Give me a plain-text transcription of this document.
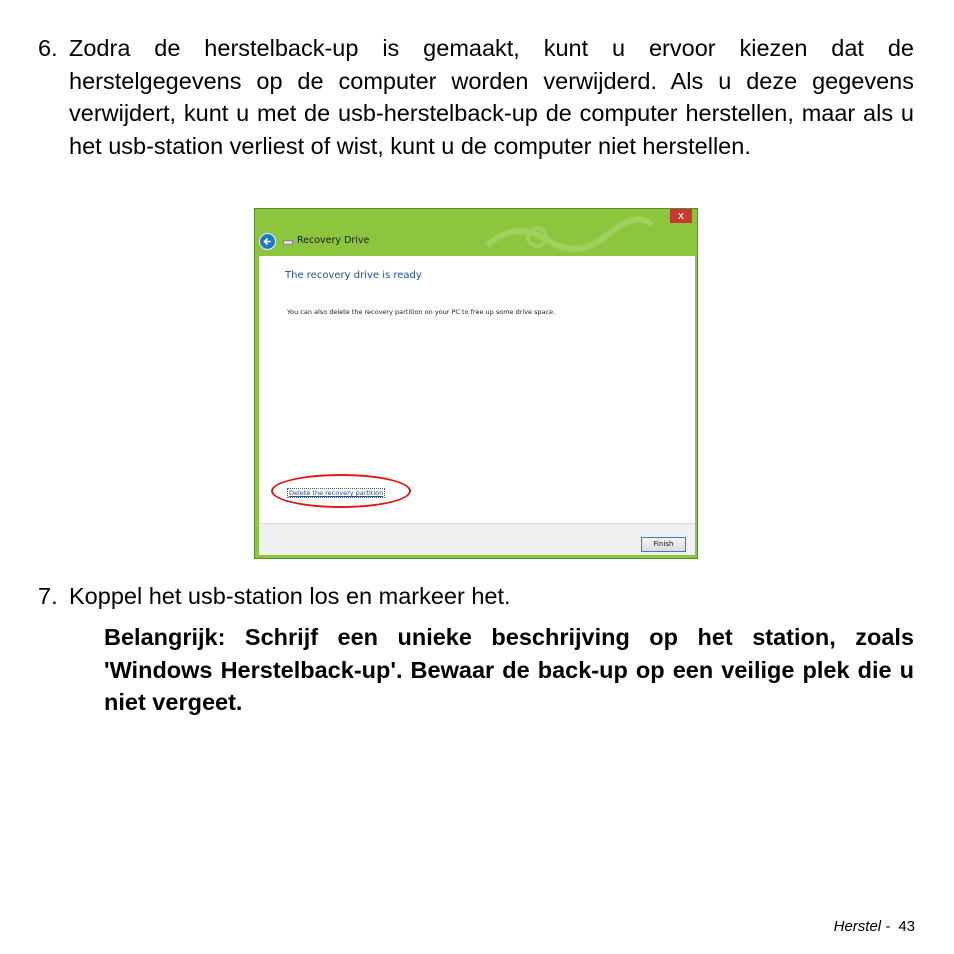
6. Zodra de herstelback-up is gemaakt, kunt u ervoor kiezen dat de herstelgegevens op de computer worden verwijderd. Als u deze gegevens verwijdert, kunt u met de usb-herstelback-up de computer herstellen, maar als u het usb-station verliest of wist, kunt u de computer niet herstellen.
x
Recovery Drive
The recovery drive is ready
You can also delete the recovery partition on your PC to free up some drive space.
Delete the recovery partition
Finish
7. Koppel het usb-station los en markeer het.
Belangrijk: Schrijf een unieke beschrijving op het station, zoals 'Windows Herstelback-up'. Bewaar de back-up op een veilige plek die u niet vergeet.
Herstel - 43
